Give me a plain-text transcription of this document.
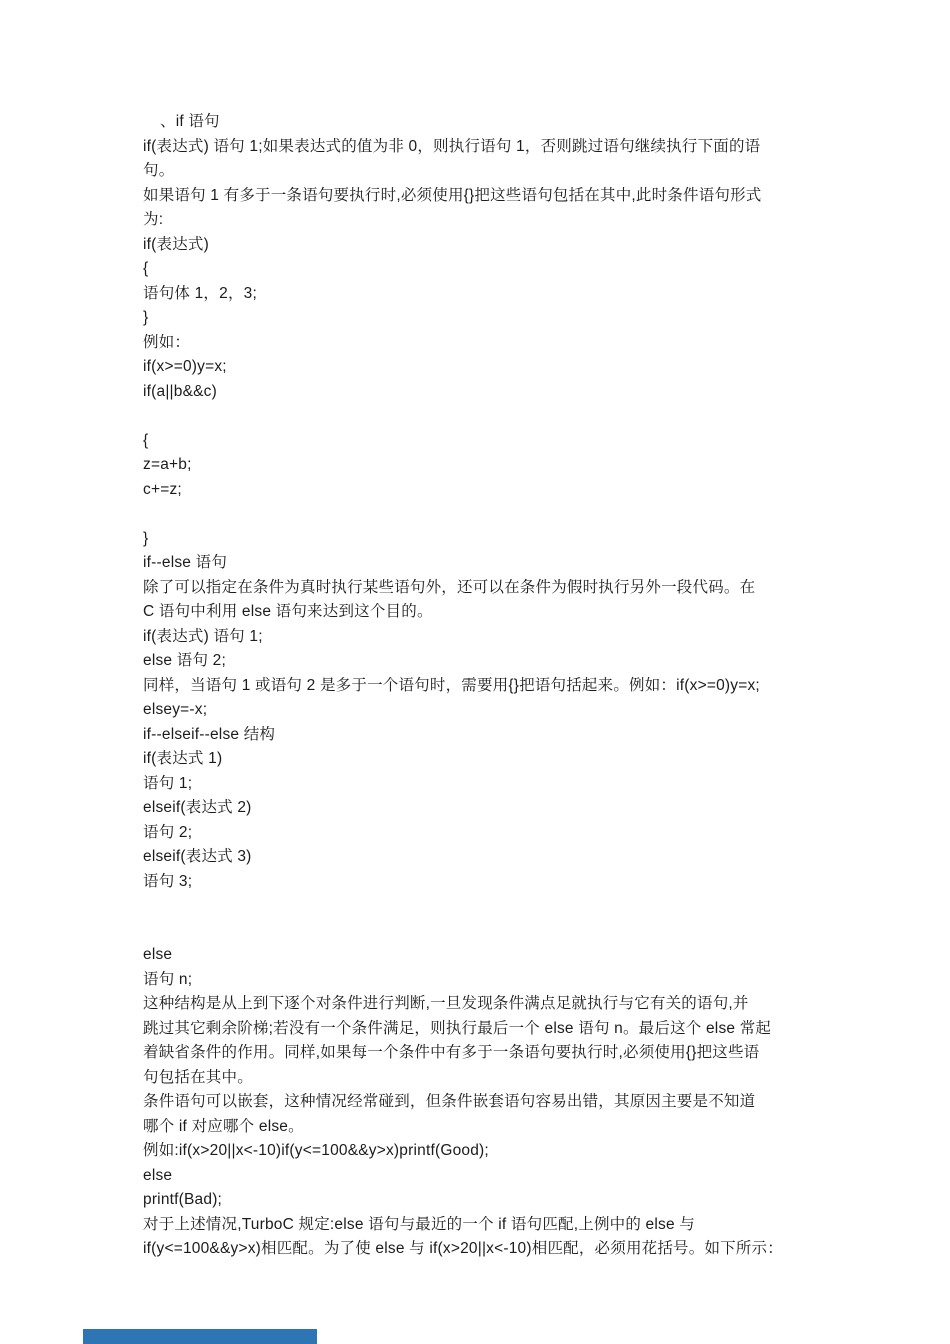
、if 语句
if(表达式) 语句 1;如果表达式的值为非 0，则执行语句 1，否则跳过语句继续执行下面的语
句。
如果语句 1 有多于一条语句要执行时,必须使用{}把这些语句包括在其中,此时条件语句形式
为:
if(表达式)
{
语句体 1，2，3;
}
例如：
if(x>=0)y=x;
if(a||b&&c)

{
z=a+b;
c+=z;

}
if--else 语句
除了可以指定在条件为真时执行某些语句外，还可以在条件为假时执行另外一段代码。在
C 语句中利用 else 语句来达到这个目的。
if(表达式) 语句 1;
else 语句 2;
同样，当语句 1 或语句 2 是多于一个语句时，需要用{}把语句括起来。例如：if(x>=0)y=x;
elsey=-x;
if--elseif--else 结构
if(表达式 1)
语句 1;
elseif(表达式 2)
语句 2;
elseif(表达式 3)
语句 3;

else
语句 n;
这种结构是从上到下逐个对条件进行判断,一旦发现条件满点足就执行与它有关的语句,并
跳过其它剩余阶梯;若没有一个条件满足，则执行最后一个 else 语句 n。最后这个 else 常起
着缺省条件的作用。同样,如果每一个条件中有多于一条语句要执行时,必须使用{}把这些语
句包括在其中。
条件语句可以嵌套，这种情况经常碰到，但条件嵌套语句容易出错，其原因主要是不知道
哪个 if 对应哪个 else。
例如:if(x>20||x<-10)if(y<=100&&y>x)printf(Good);
else
printf(Bad);
对于上述情况,TurboC 规定:else 语句与最近的一个 if 语句匹配,上例中的 else 与
if(y<=100&&y>x)相匹配。为了使 else 与 if(x>20||x<-10)相匹配，必须用花括号。如下所示：
